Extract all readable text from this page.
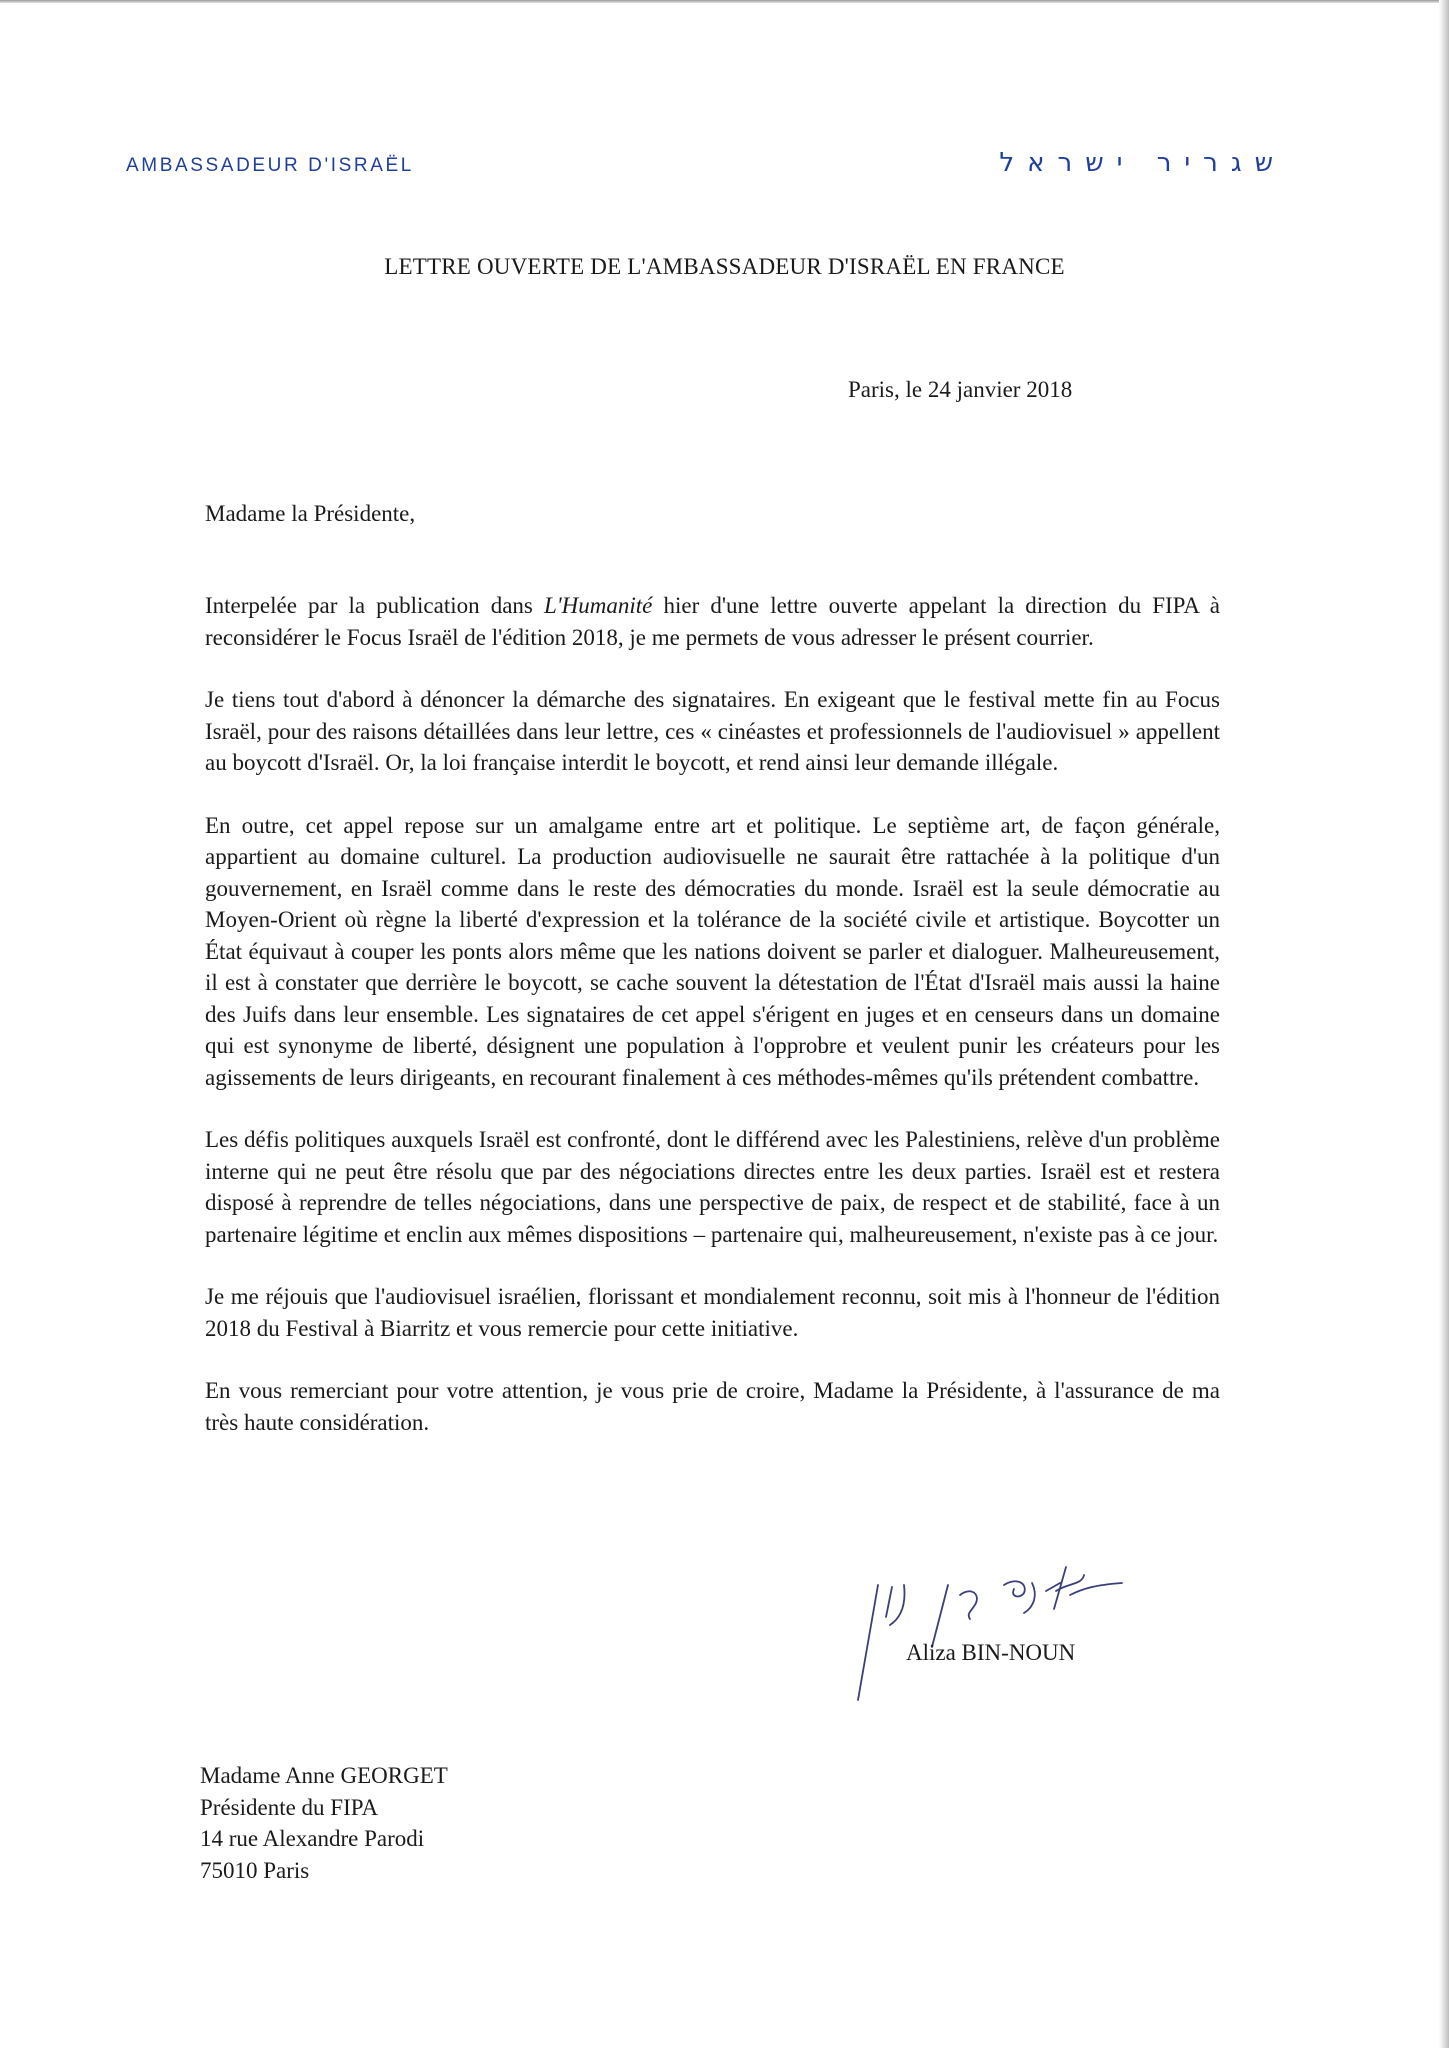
AMBASSADEUR D'ISRAËL	שגריר ישראל
LETTRE OUVERTE DE L'AMBASSADEUR D'ISRAËL EN FRANCE
Paris, le 24 janvier 2018
Madame la Présidente,

Interpelée par la publication dans L'Humanité hier d'une lettre ouverte appelant la direction du FIPA à reconsidérer le Focus Israël de l'édition 2018, je me permets de vous adresser le présent courrier.

Je tiens tout d'abord à dénoncer la démarche des signataires. En exigeant que le festival mette fin au Focus Israël, pour des raisons détaillées dans leur lettre, ces « cinéastes et professionnels de l'audiovisuel » appellent au boycott d'Israël. Or, la loi française interdit le boycott, et rend ainsi leur demande illégale.

En outre, cet appel repose sur un amalgame entre art et politique. Le septième art, de façon générale, appartient au domaine culturel. La production audiovisuelle ne saurait être rattachée à la politique d'un gouvernement, en Israël comme dans le reste des démocraties du monde. Israël est la seule démocratie au Moyen-Orient où règne la liberté d'expression et la tolérance de la société civile et artistique. Boycotter un État équivaut à couper les ponts alors même que les nations doivent se parler et dialoguer. Malheureusement, il est à constater que derrière le boycott, se cache souvent la détestation de l'État d'Israël mais aussi la haine des Juifs dans leur ensemble. Les signataires de cet appel s'érigent en juges et en censeurs dans un domaine qui est synonyme de liberté, désignent une population à l'opprobre et veulent punir les créateurs pour les agissements de leurs dirigeants, en recourant finalement à ces méthodes-mêmes qu'ils prétendent combattre.

Les défis politiques auxquels Israël est confronté, dont le différend avec les Palestiniens, relève d'un problème interne qui ne peut être résolu que par des négociations directes entre les deux parties. Israël est et restera disposé à reprendre de telles négociations, dans une perspective de paix, de respect et de stabilité, face à un partenaire légitime et enclin aux mêmes dispositions – partenaire qui, malheureusement, n'existe pas à ce jour.

Je me réjouis que l'audiovisuel israélien, florissant et mondialement reconnu, soit mis à l'honneur de l'édition 2018 du Festival à Biarritz et vous remercie pour cette initiative.

En vous remerciant pour votre attention, je vous prie de croire, Madame la Présidente, à l'assurance de ma très haute considération.

Aliza BIN-NOUN
Madame Anne GEORGET
Présidente du FIPA
14 rue Alexandre Parodi
75010 Paris
